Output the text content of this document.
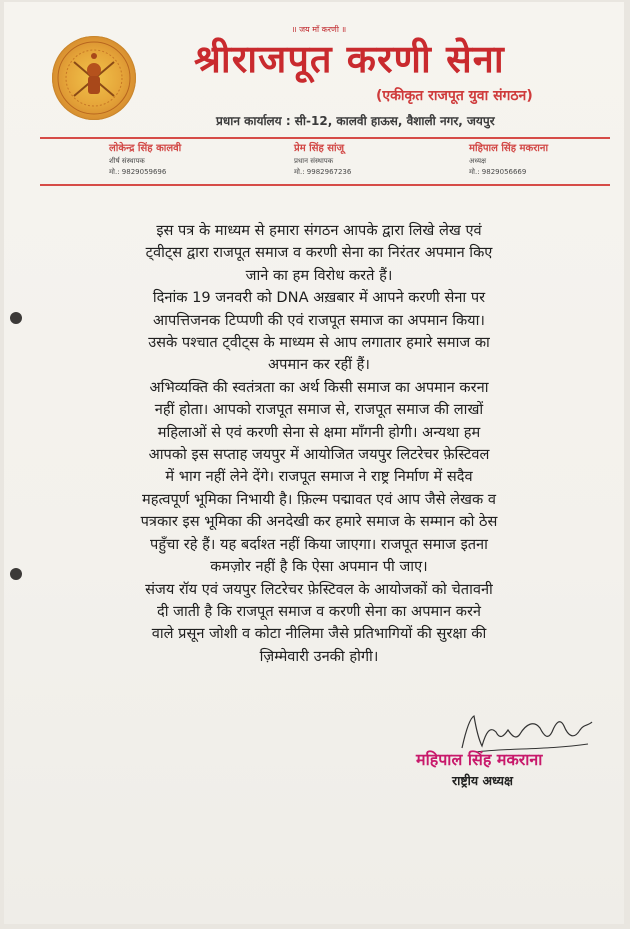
॥ जय माँ करणी ॥
श्रीराजपूत करणी सेना
(एकीकृत राजपूत युवा संगठन)
प्रधान कार्यालय : सी-12, कालवी हाऊस, वैशाली नगर, जयपुर
लोकेन्द्र सिंह कालवी
शीर्ष संस्थापक
मो.: 9829059696
प्रेम सिंह सांजू
प्रधान संस्थापक
मो.: 9982967236
महिपाल सिंह मकराना
अध्यक्ष
मो.: 9829056669
इस पत्र के माध्यम से हमारा संगठन आपके द्वारा लिखे लेख एवं
ट्वीट्स द्वारा राजपूत समाज व करणी सेना का निरंतर अपमान किए
जाने का हम विरोध करते हैं।
दिनांक 19 जनवरी को DNA अख़बार में आपने करणी सेना पर
आपत्तिजनक टिप्पणी की एवं राजपूत समाज का अपमान किया।
उसके पश्चात ट्वीट्स के माध्यम से आप लगातार हमारे समाज का
अपमान कर रहीं हैं।
अभिव्यक्ति की स्वतंत्रता का अर्थ किसी समाज का अपमान करना
नहीं होता। आपको राजपूत समाज से, राजपूत समाज की लाखों
महिलाओं से एवं करणी सेना से क्षमा माँगनी होगी। अन्यथा हम
आपको इस सप्ताह जयपुर में आयोजित जयपुर लिटरेचर फ़ेस्टिवल
में भाग नहीं लेने देंगे। राजपूत समाज ने राष्ट्र निर्माण में सदैव
महत्वपूर्ण भूमिका निभायी है। फ़िल्म पद्मावत एवं आप जैसे लेखक व
पत्रकार इस भूमिका की अनदेखी कर हमारे समाज के सम्मान को ठेस
पहुँचा रहे हैं। यह बर्दाश्त नहीं किया जाएगा। राजपूत समाज इतना
कमज़ोर नहीं है कि ऐसा अपमान पी जाए।
संजय रॉय एवं जयपुर लिटरेचर फ़ेस्टिवल के आयोजकों को चेतावनी
दी जाती है कि राजपूत समाज व करणी सेना का अपमान करने
वाले प्रसून जोशी व कोटा नीलिमा जैसे प्रतिभागियों की सुरक्षा की
ज़िम्मेवारी उनकी होगी।
महिपाल सिंह मकराना
राष्ट्रीय अध्यक्ष
